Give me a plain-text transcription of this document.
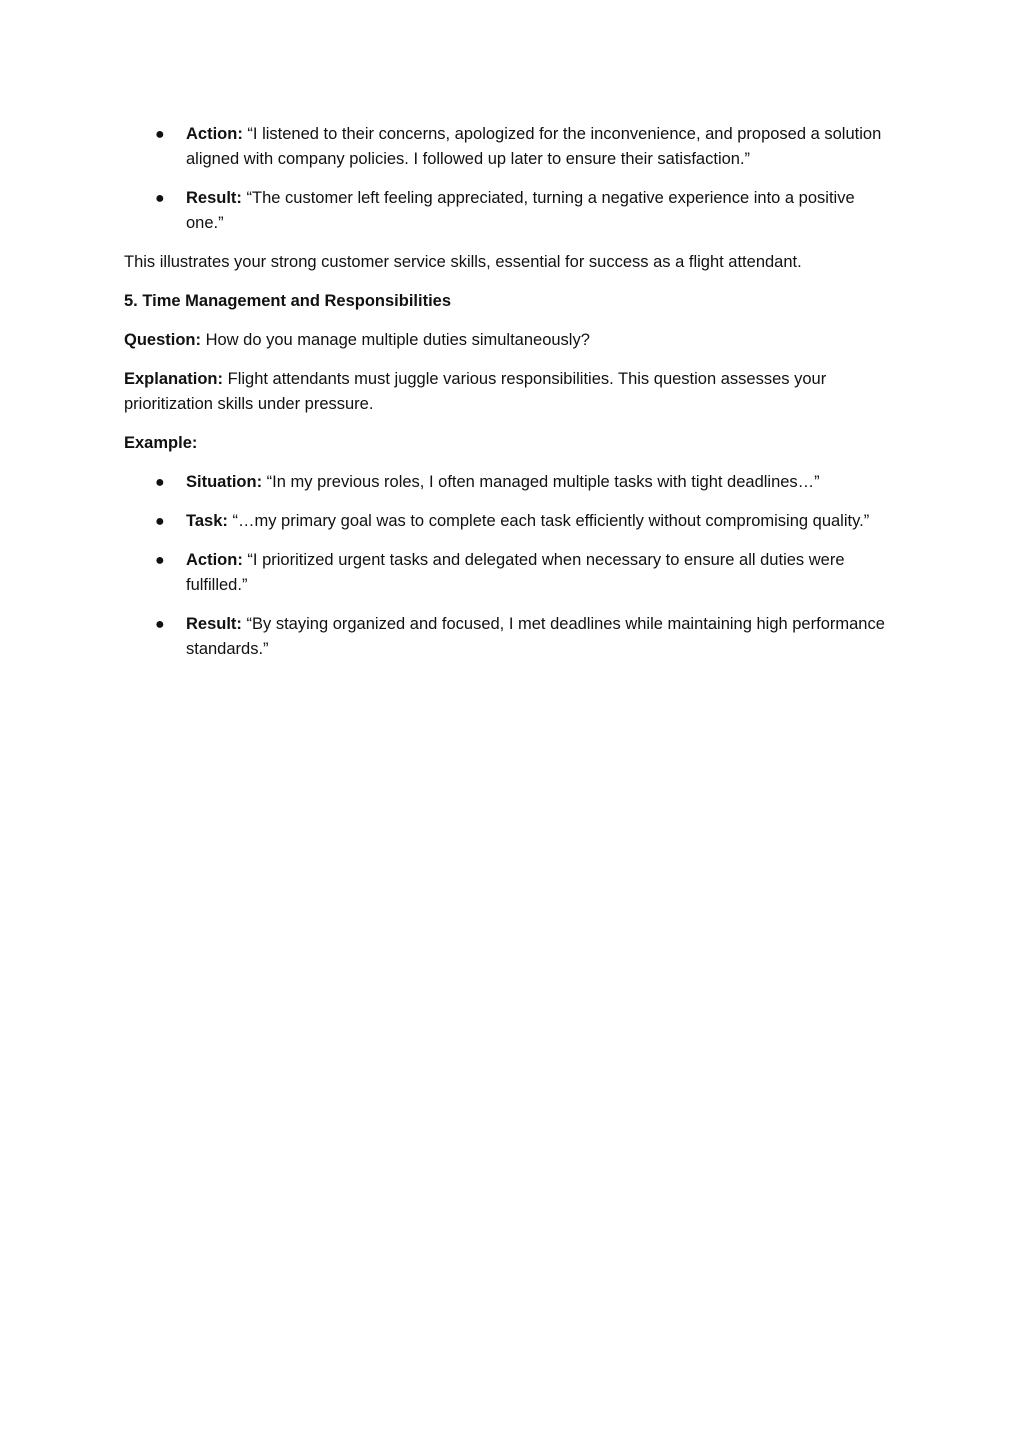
● Action: “I listened to their concerns, apologized for the inconvenience, and proposed a solution aligned with company policies. I followed up later to ensure their satisfaction.”
● Result: “The customer left feeling appreciated, turning a negative experience into a positive one.”

This illustrates your strong customer service skills, essential for success as a flight attendant.

5. Time Management and Responsibilities

Question: How do you manage multiple duties simultaneously?

Explanation: Flight attendants must juggle various responsibilities. This question assesses your prioritization skills under pressure.

Example:

● Situation: “In my previous roles, I often managed multiple tasks with tight deadlines…”
● Task: “…my primary goal was to complete each task efficiently without compromising quality.”
● Action: “I prioritized urgent tasks and delegated when necessary to ensure all duties were fulfilled.”
● Result: “By staying organized and focused, I met deadlines while maintaining high performance standards.”
